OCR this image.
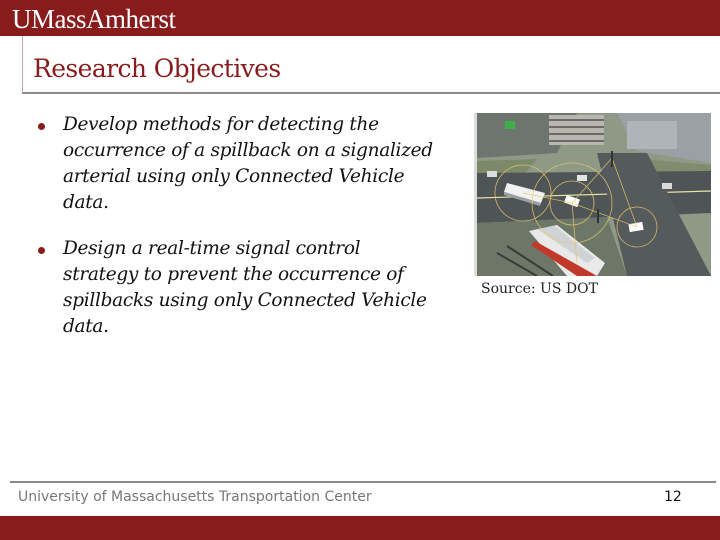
UMassAmherst
Research Objectives
Develop methods for detecting the occurrence of a spillback on a signalized arterial using only Connected Vehicle data.
Design a real-time signal control strategy to prevent the occurrence of spillbacks using only Connected Vehicle data.
Source: US DOT
University of Massachusetts Transportation Center	12
